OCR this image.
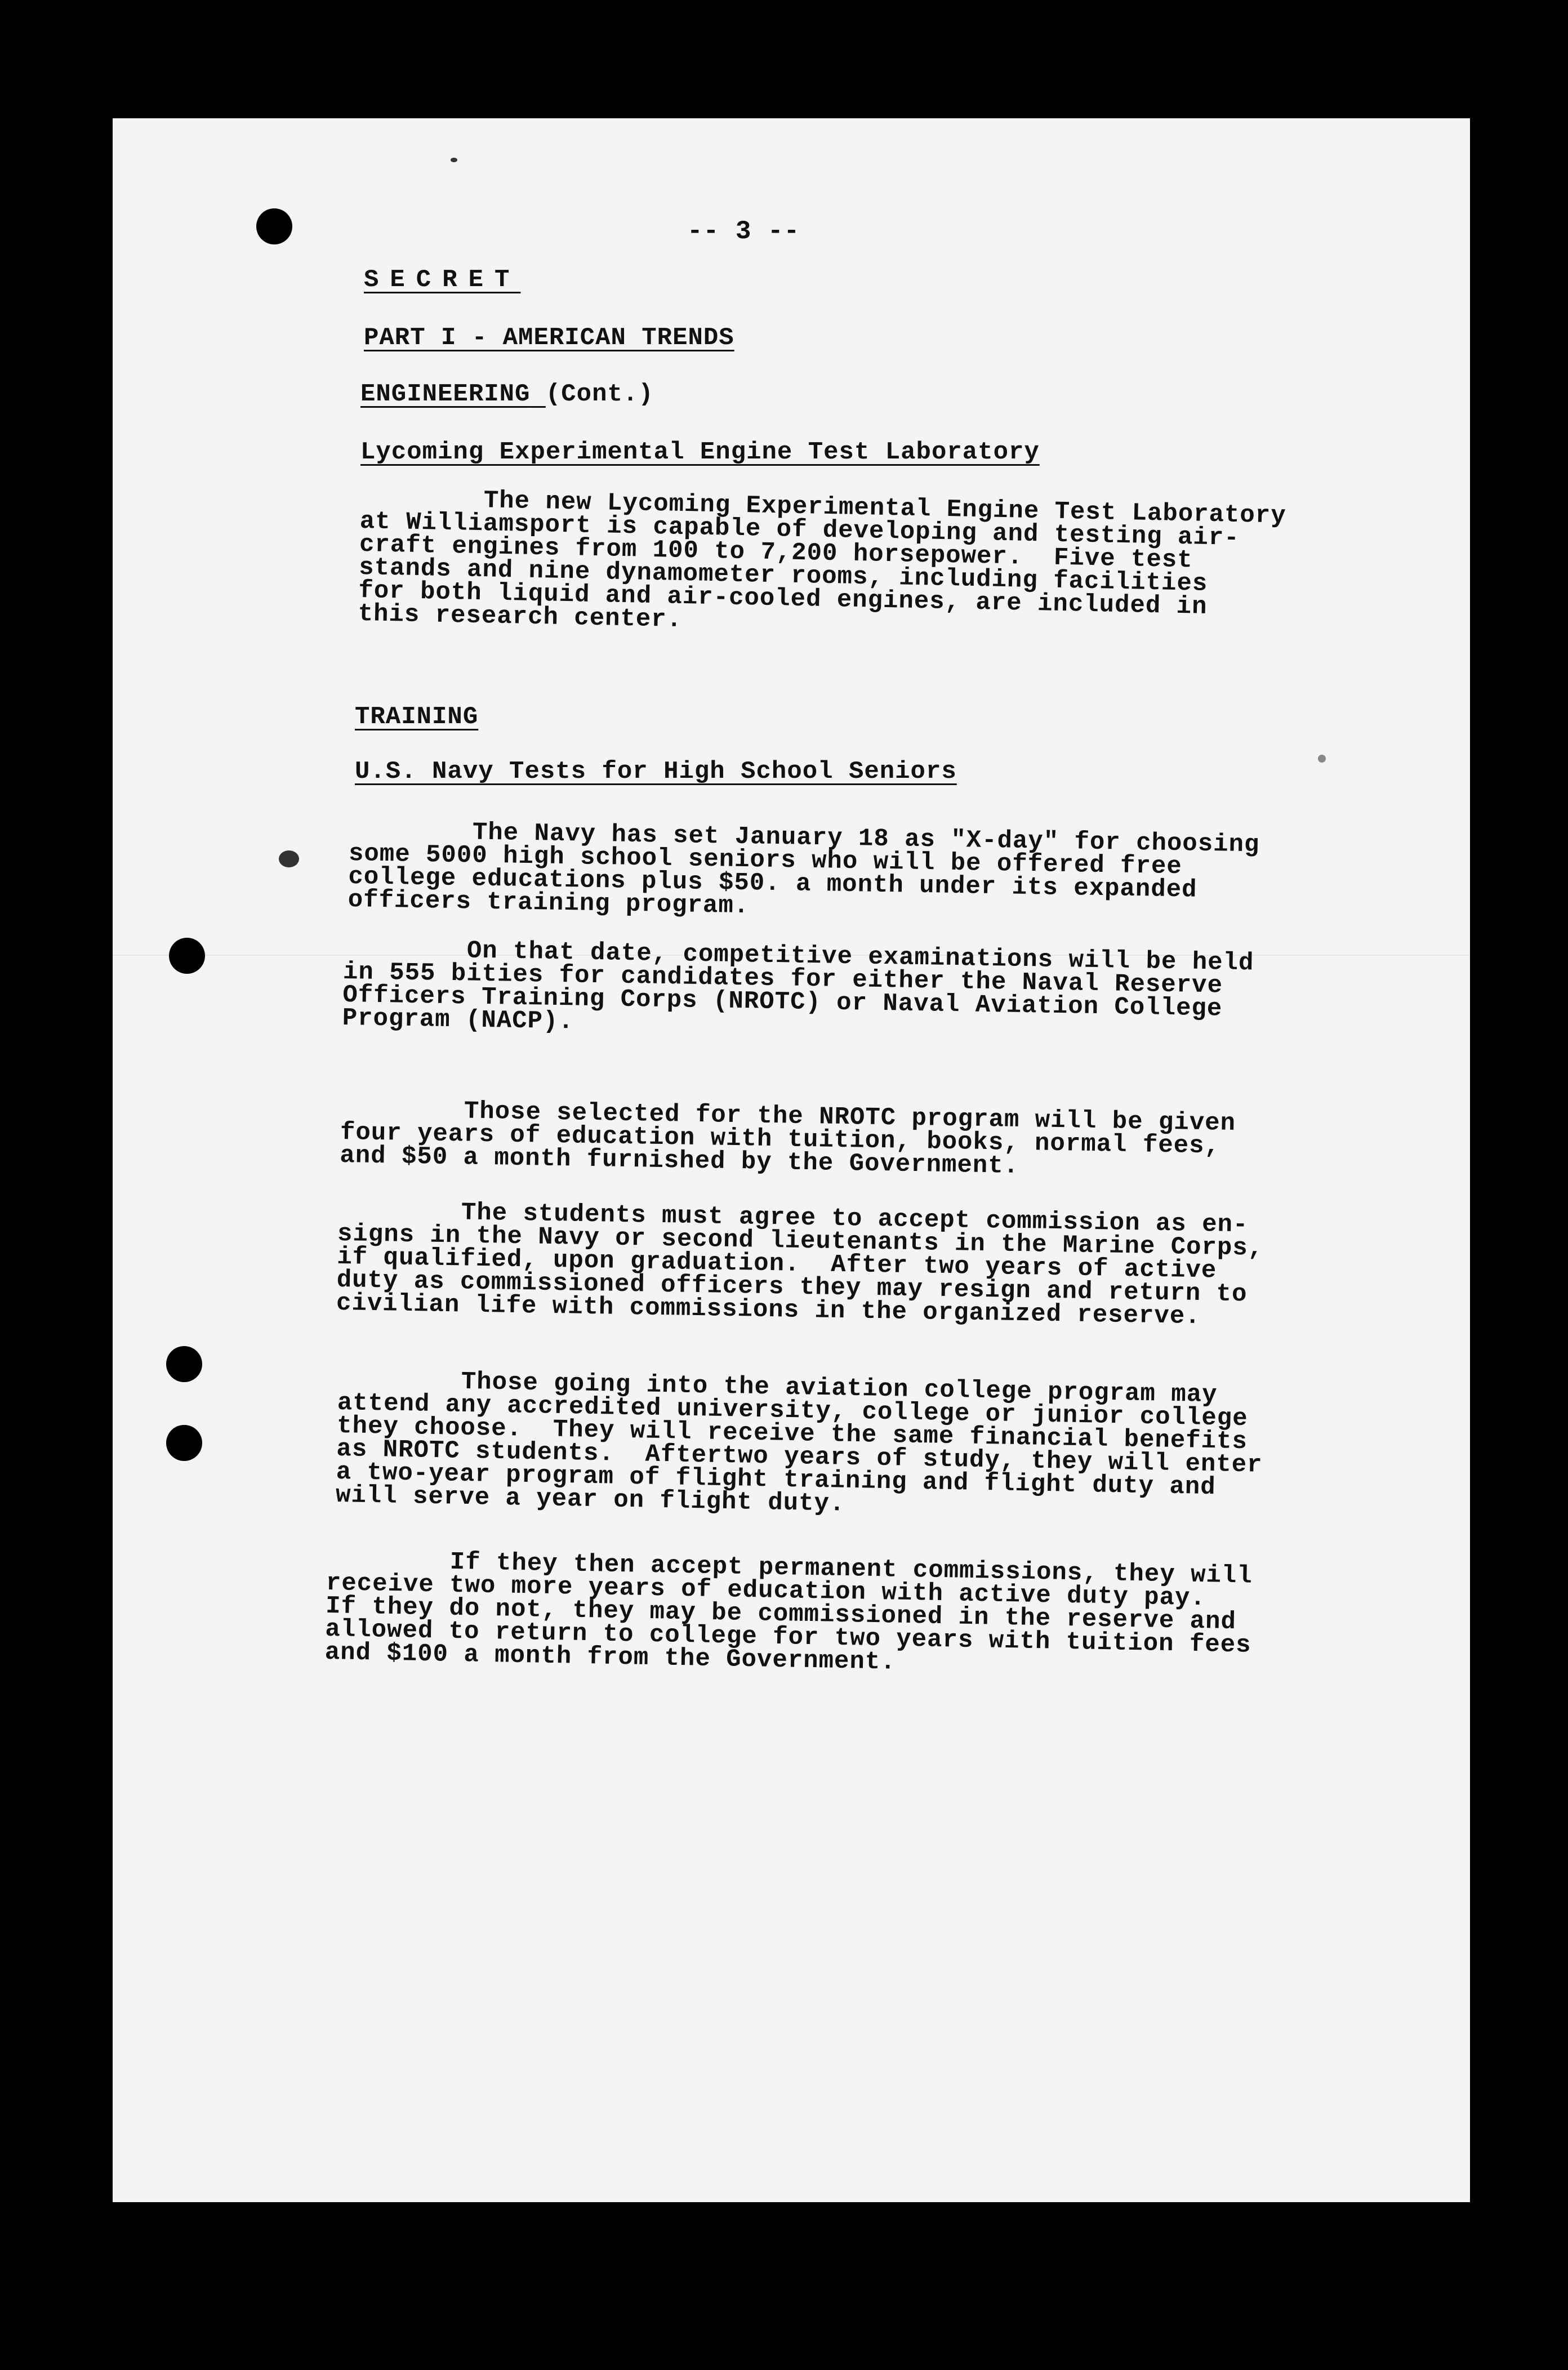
-- 3 --
SECRET
PART I - AMERICAN TRENDS
ENGINEERING (Cont.)
Lycoming Experimental Engine Test Laboratory
The new Lycoming Experimental Engine Test Laboratory
at Williamsport is capable of developing and testing air-
craft engines from 100 to 7,200 horsepower.  Five test
stands and nine dynamometer rooms, including facilities
for both liquid and air-cooled engines, are included in
this research center.
TRAINING
U.S. Navy Tests for High School Seniors
The Navy has set January 18 as "X-day" for choosing
some 5000 high school seniors who will be offered free
college educations plus $50. a month under its expanded
officers training program.
On that date, competitive examinations will be held
in 555 bities for candidates for either the Naval Reserve
Officers Training Corps (NROTC) or Naval Aviation College
Program (NACP).
Those selected for the NROTC program will be given
four years of education with tuition, books, normal fees,
and $50 a month furnished by the Government.
The students must agree to accept commission as en-
signs in the Navy or second lieutenants in the Marine Corps,
if qualified, upon graduation.  After two years of active
duty as commissioned officers they may resign and return to
civilian life with commissions in the organized reserve.
Those going into the aviation college program may
attend any accredited university, college or junior college
they choose.  They will receive the same financial benefits
as NROTC students.  Aftertwo years of study, they will enter
a two-year program of flight training and flight duty and
will serve a year on flight duty.
If they then accept permanent commissions, they will
receive two more years of education with active duty pay.
If they do not, they may be commissioned in the reserve and
allowed to return to college for two years with tuition fees
and $100 a month from the Government.
